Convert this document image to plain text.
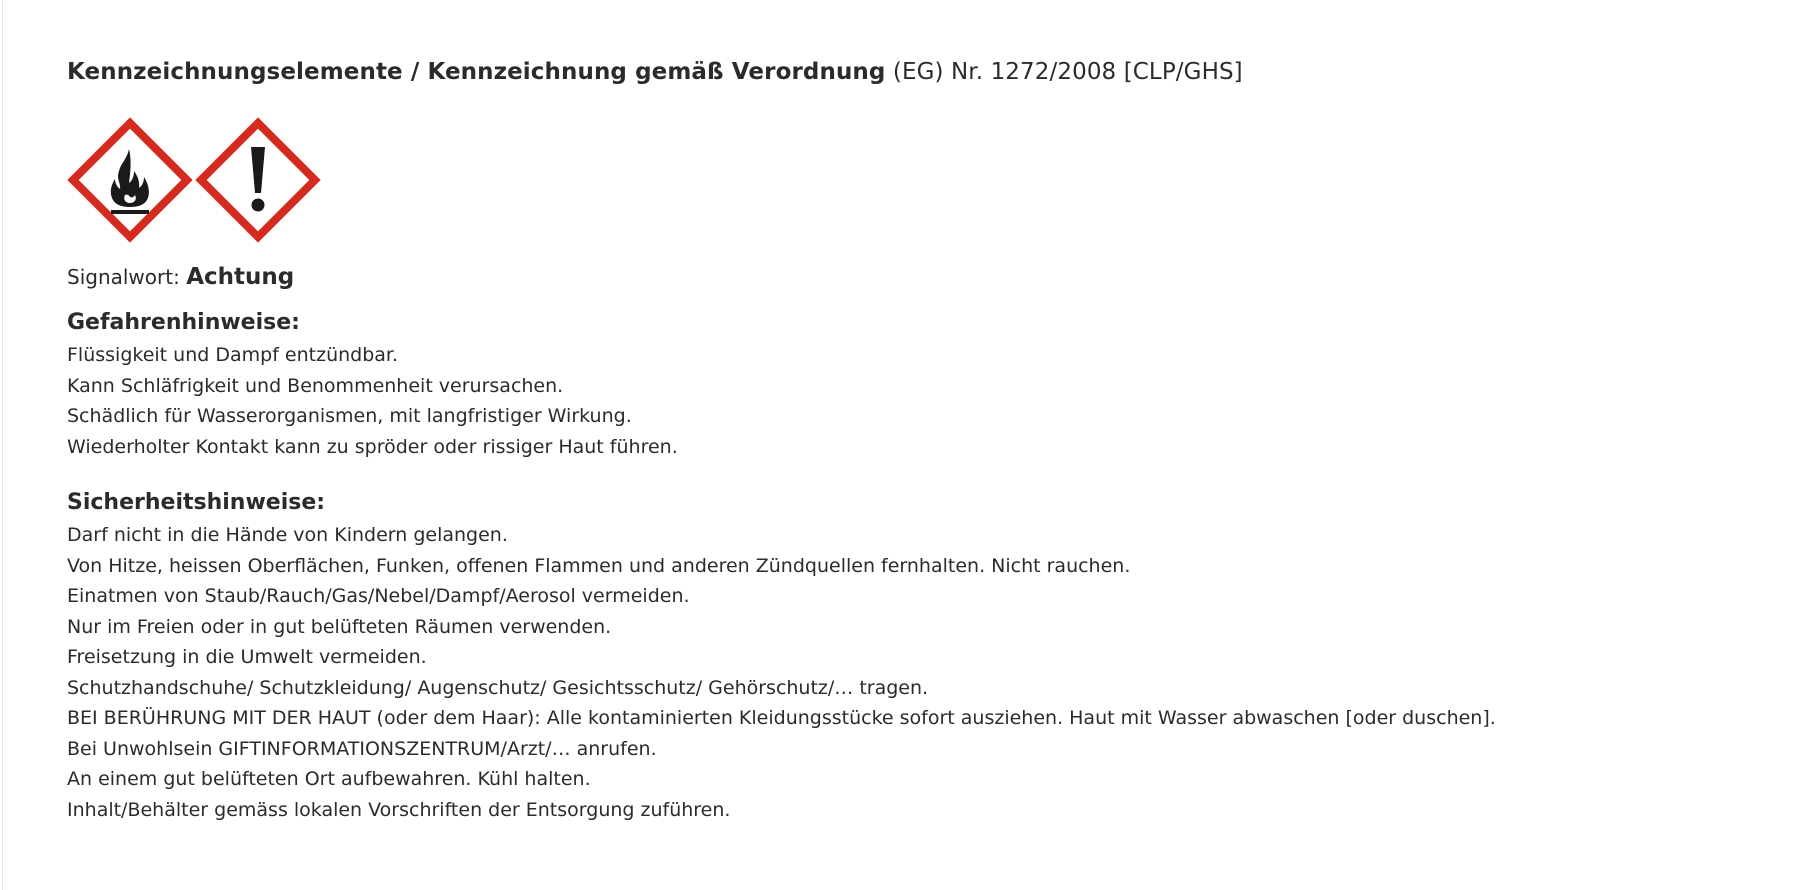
Kennzeichnungselemente / Kennzeichnung gemäß Verordnung (EG) Nr. 1272/2008 [CLP/GHS]
Signalwort: Achtung
Gefahrenhinweise:
Flüssigkeit und Dampf entzündbar.
Kann Schläfrigkeit und Benommenheit verursachen.
Schädlich für Wasserorganismen, mit langfristiger Wirkung.
Wiederholter Kontakt kann zu spröder oder rissiger Haut führen.
Sicherheitshinweise:
Darf nicht in die Hände von Kindern gelangen.
Von Hitze, heissen Oberflächen, Funken, offenen Flammen und anderen Zündquellen fernhalten. Nicht rauchen.
Einatmen von Staub/Rauch/Gas/Nebel/Dampf/Aerosol vermeiden.
Nur im Freien oder in gut belüfteten Räumen verwenden.
Freisetzung in die Umwelt vermeiden.
Schutzhandschuhe/ Schutzkleidung/ Augenschutz/ Gesichtsschutz/ Gehörschutz/… tragen.
BEI BERÜHRUNG MIT DER HAUT (oder dem Haar): Alle kontaminierten Kleidungsstücke sofort ausziehen. Haut mit Wasser abwaschen [oder duschen].
Bei Unwohlsein GIFTINFORMATIONSZENTRUM/Arzt/… anrufen.
An einem gut belüfteten Ort aufbewahren. Kühl halten.
Inhalt/Behälter gemäss lokalen Vorschriften der Entsorgung zuführen.
